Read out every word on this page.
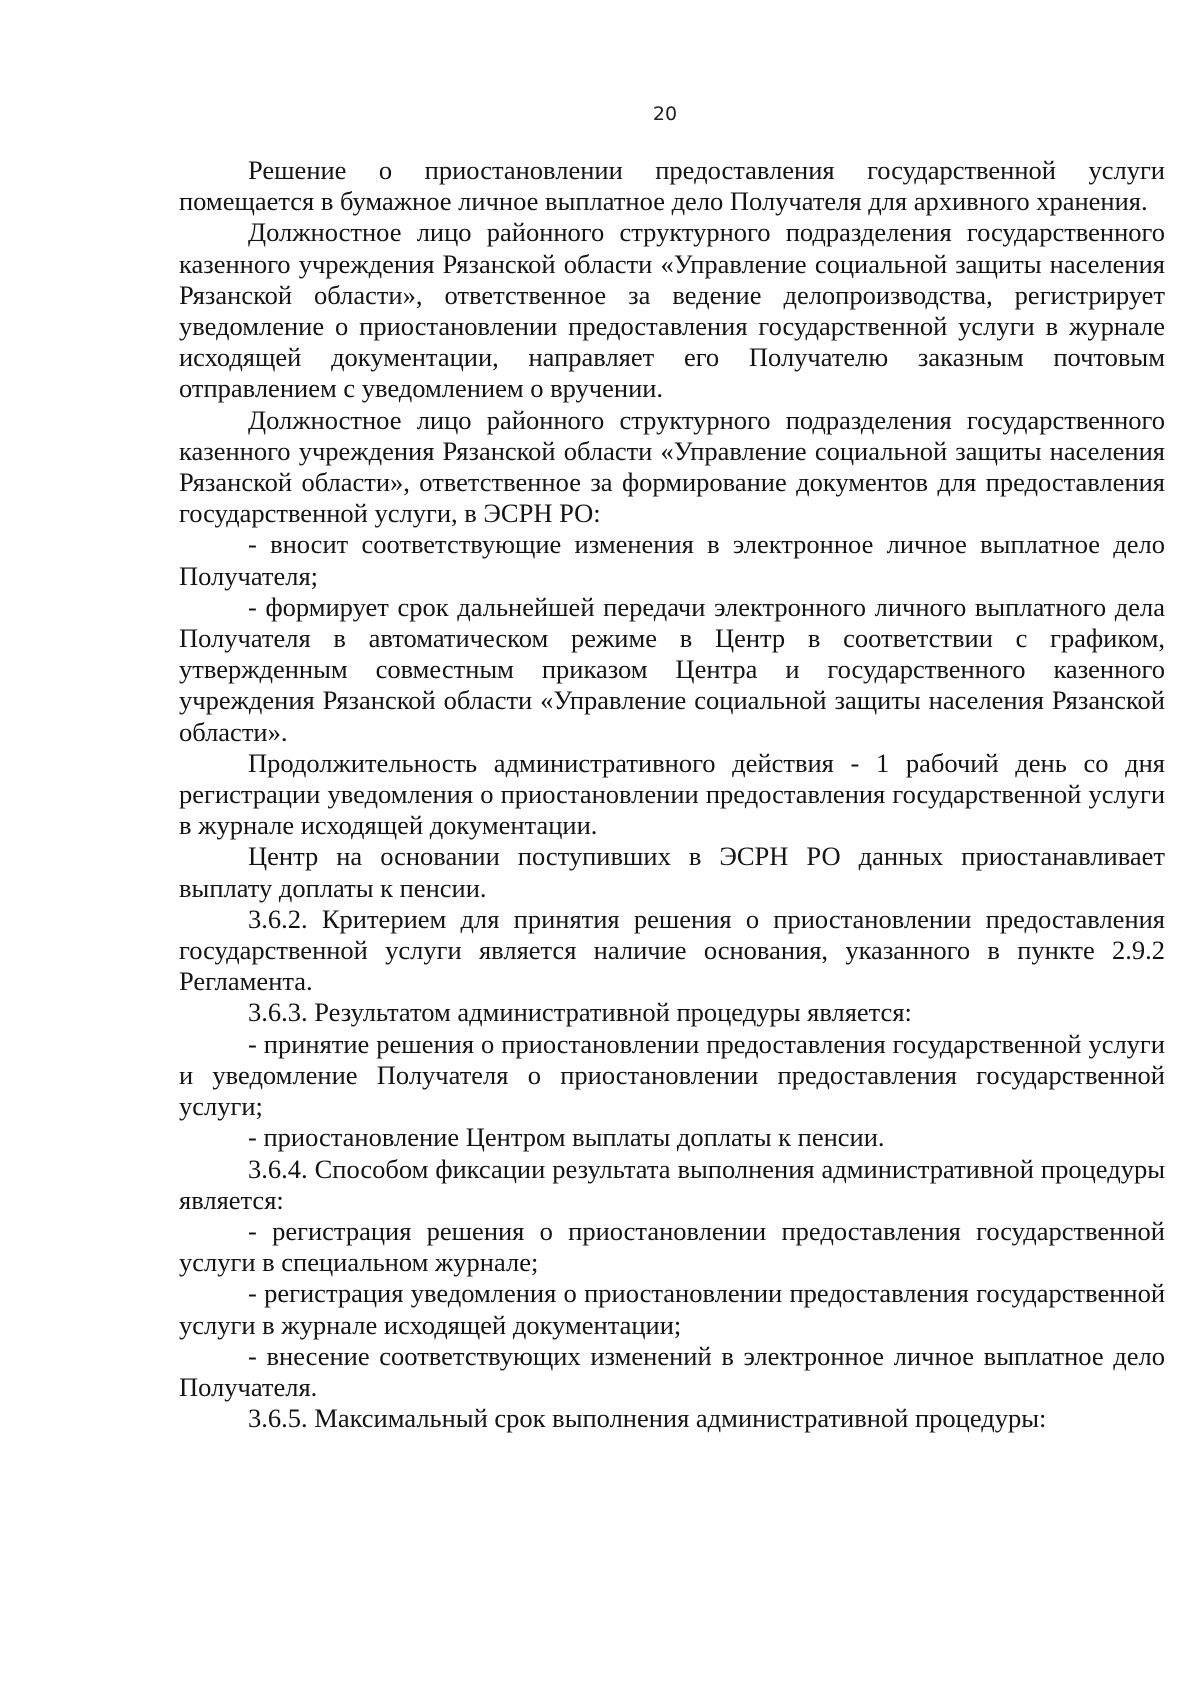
20

Решение о приостановлении предоставления государственной услуги помещается в бумажное личное выплатное дело Получателя для архивного хранения.

Должностное лицо районного структурного подразделения государственного казенного учреждения Рязанской области «Управление социальной защиты населения Рязанской области», ответственное за ведение делопроизводства, регистрирует уведомление о приостановлении предоставления государственной услуги в журнале исходящей документации, направляет его Получателю заказным почтовым отправлением с уведомлением о вручении.

Должностное лицо районного структурного подразделения государственного казенного учреждения Рязанской области «Управление социальной защиты населения Рязанской области», ответственное за формирование документов для предоставления государственной услуги, в ЭСРН РО:

- вносит соответствующие изменения в электронное личное выплатное дело Получателя;

- формирует срок дальнейшей передачи электронного личного выплатного дела Получателя в автоматическом режиме в Центр в соответствии с графиком, утвержденным совместным приказом Центра и государственного казенного учреждения Рязанской области «Управление социальной защиты населения Рязанской области».

Продолжительность административного действия - 1 рабочий день со дня регистрации уведомления о приостановлении предоставления государственной услуги в журнале исходящей документации.

Центр на основании поступивших в ЭСРН РО данных приостанавливает выплату доплаты к пенсии.

3.6.2. Критерием для принятия решения о приостановлении предоставления государственной услуги является наличие основания, указанного в пункте 2.9.2 Регламента.

3.6.3. Результатом административной процедуры является:

- принятие решения о приостановлении предоставления государственной услуги и уведомление Получателя о приостановлении предоставления государственной услуги;

- приостановление Центром выплаты доплаты к пенсии.

3.6.4. Способом фиксации результата выполнения административной процедуры является:

- регистрация решения о приостановлении предоставления государственной услуги в специальном журнале;

- регистрация уведомления о приостановлении предоставления государственной услуги в журнале исходящей документации;

- внесение соответствующих изменений в электронное личное выплатное дело Получателя.

3.6.5. Максимальный срок выполнения административной процедуры:
